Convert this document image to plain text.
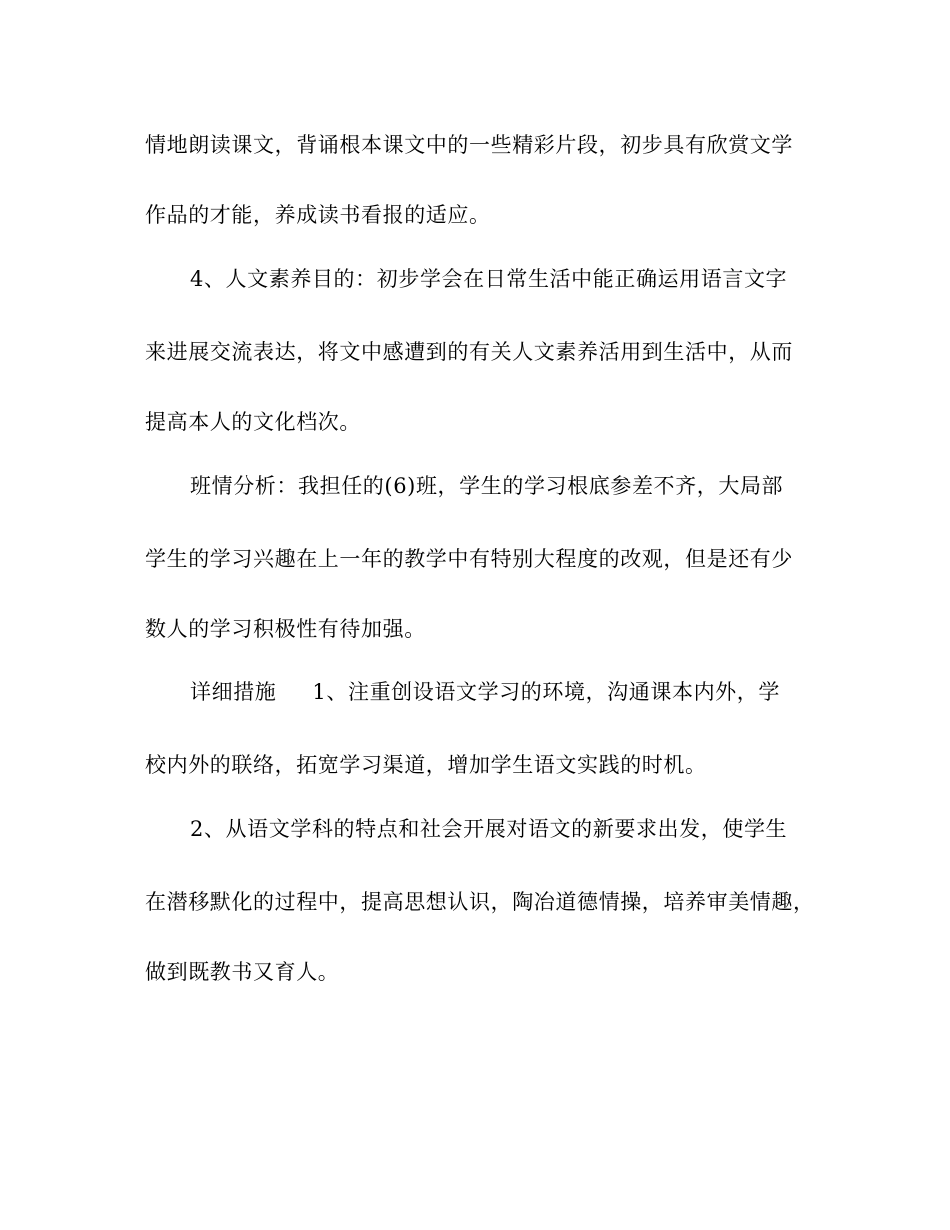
情地朗读课文，背诵根本课文中的一些精彩片段，初步具有欣赏文学
作品的才能，养成读书看报的适应。
4、人文素养目的：初步学会在日常生活中能正确运用语言文字
来进展交流表达，将文中感遭到的有关人文素养活用到生活中，从而
提高本人的文化档次。
班情分析：我担任的(6)班，学生的学习根底参差不齐，大局部
学生的学习兴趣在上一年的教学中有特别大程度的改观，但是还有少
数人的学习积极性有待加强。
详细措施 1、注重创设语文学习的环境，沟通课本内外，学
校内外的联络，拓宽学习渠道，增加学生语文实践的时机。
2、从语文学科的特点和社会开展对语文的新要求出发，使学生
在潜移默化的过程中，提高思想认识，陶冶道德情操，培养审美情趣，
做到既教书又育人。
